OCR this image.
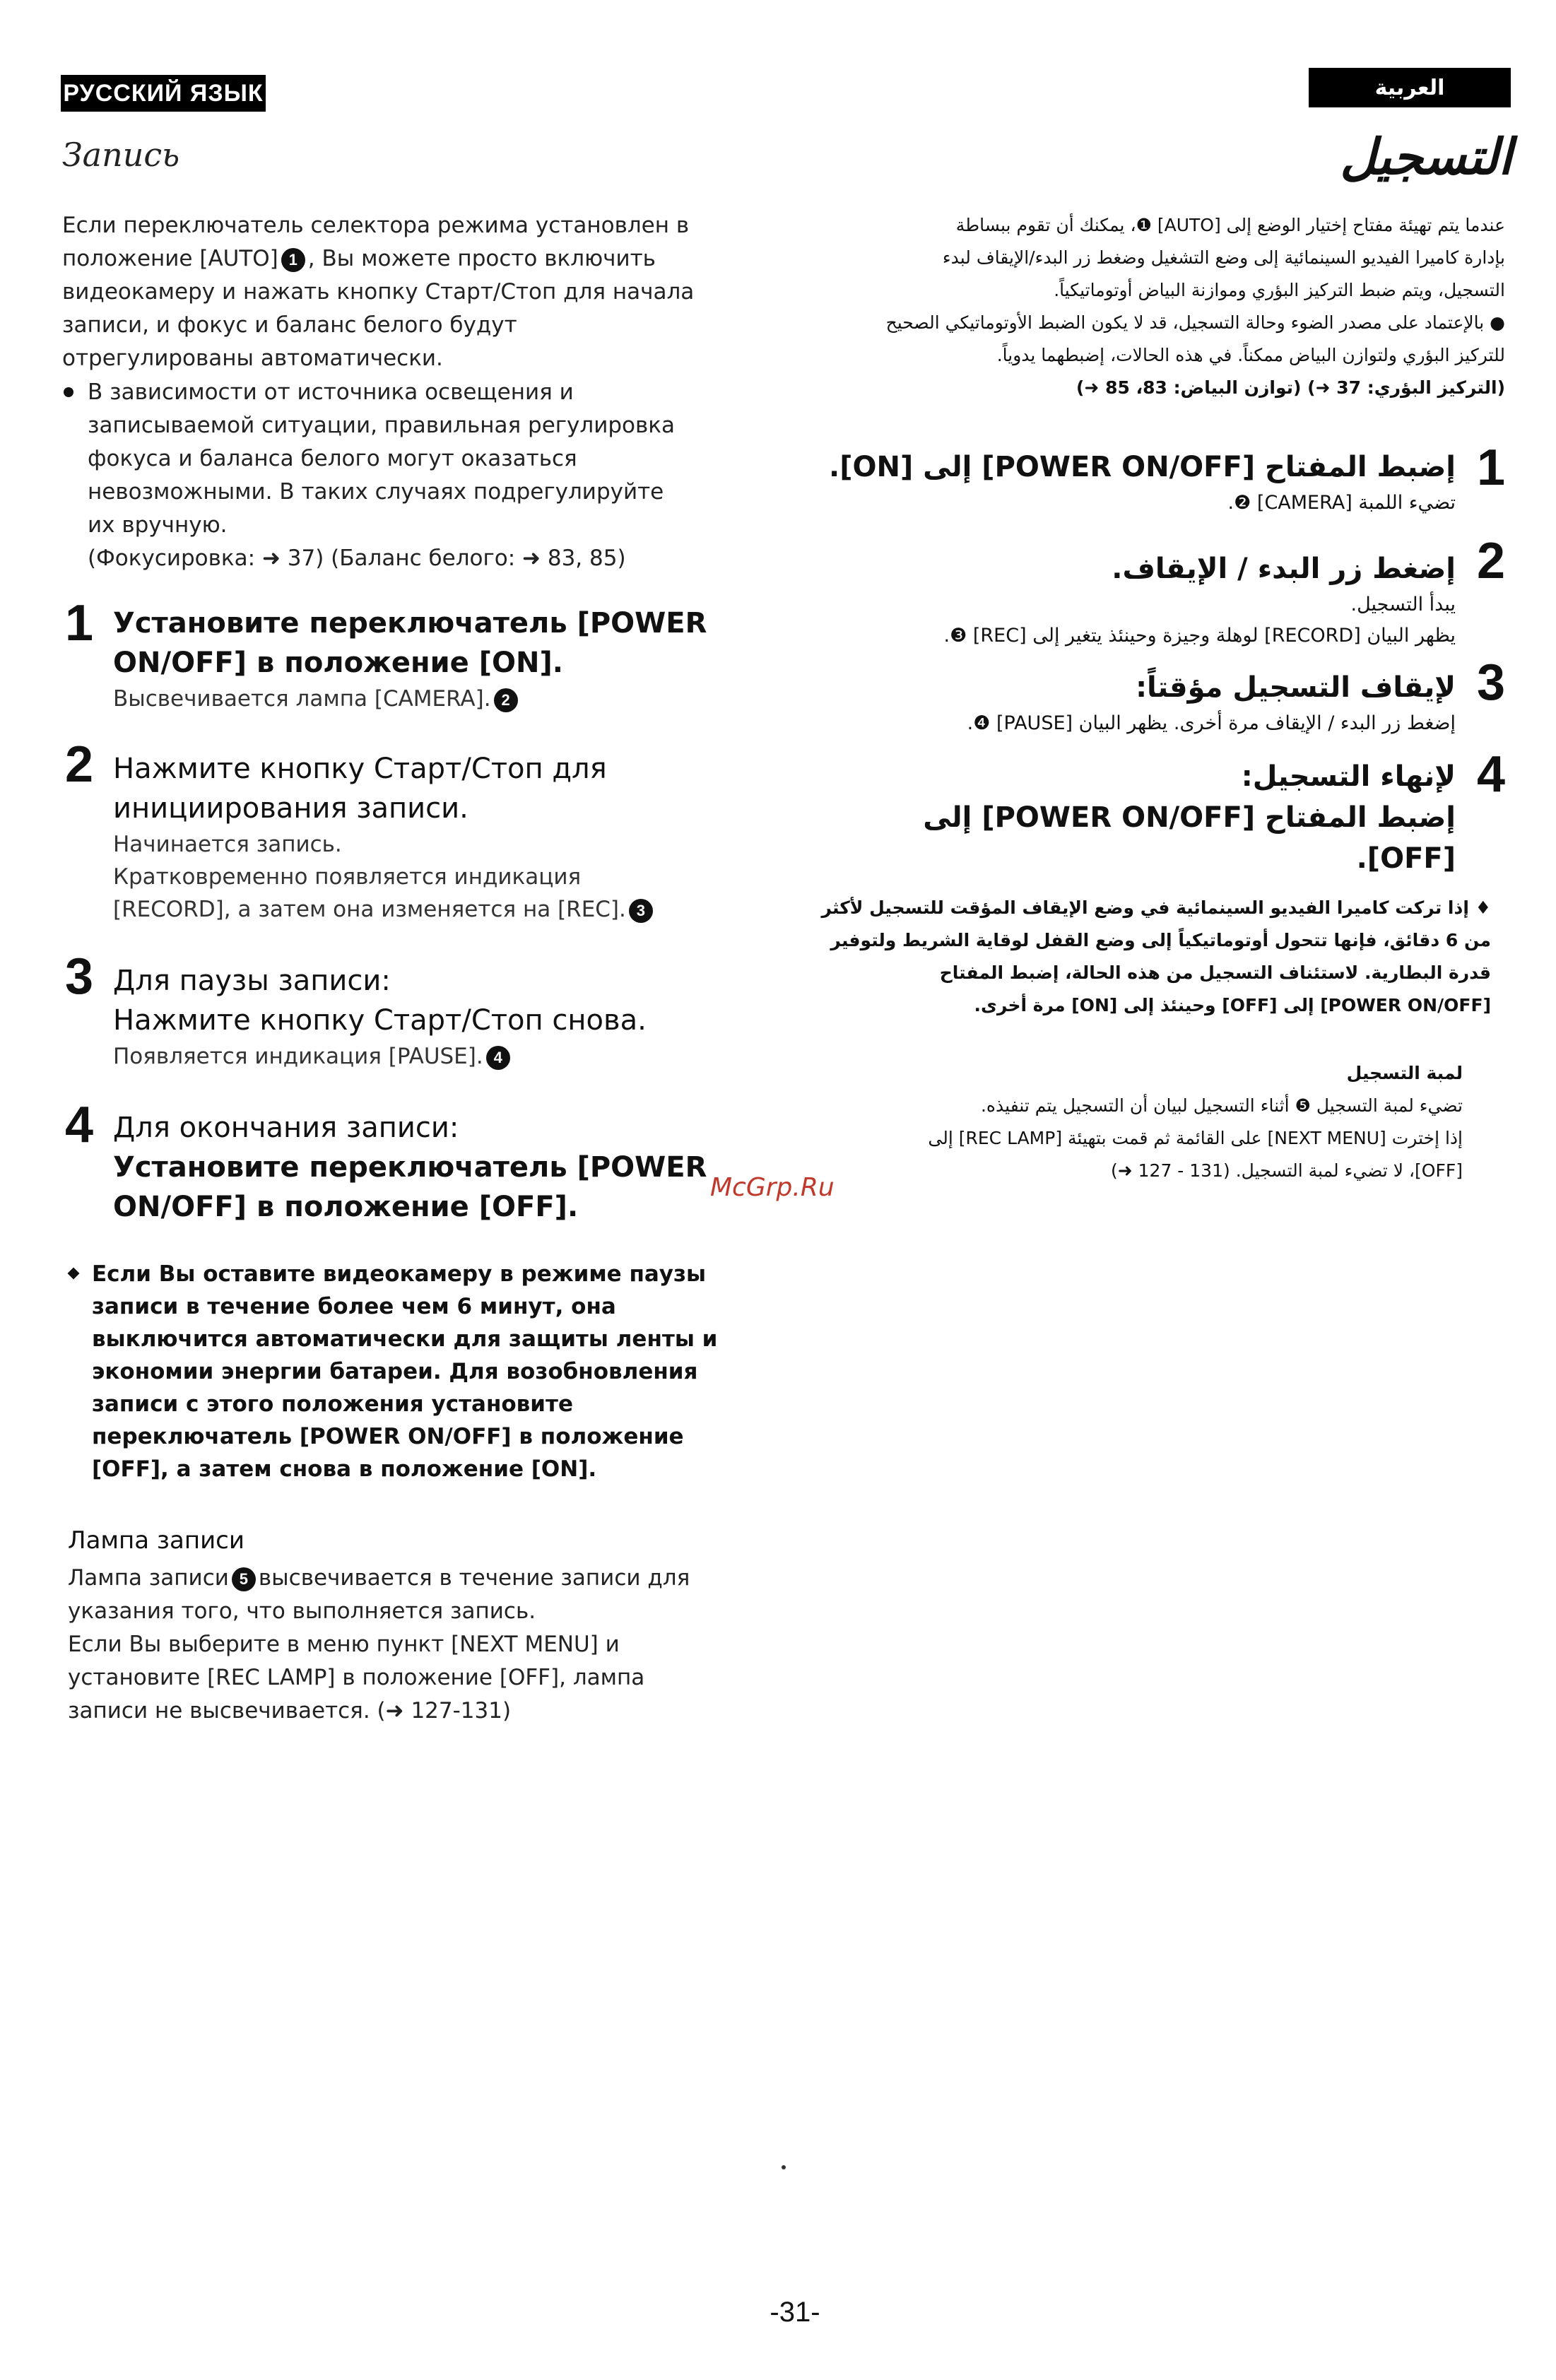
РУССКИЙ ЯЗЫК	العربية
Запись	التسجيل
Если переключатель селектора режима установлен в
положение [AUTO] 1 , Вы можете просто включить
видеокамеру и нажать кнопку Старт/Стоп для начала
записи, и фокус и баланс белого будут
отрегулированы автоматически.
В зависимости от источника освещения и
записываемой ситуации, правильная регулировка
фокуса и баланса белого могут оказаться
невозможными. В таких случаях подрегулируйте
их вручную.
(Фокусировка: ➜ 37) (Баланс белого: ➜ 83, 85)
1 Установите переключатель [POWER
ON/OFF] в положение [ON].
Высвечивается лампа [CAMERA]. 2
2 Нажмите кнопку Старт/Стоп для
инициирования записи.
Начинается запись.
Кратковременно появляется индикация
[RECORD], а затем она изменяется на [REC]. 3
3 Для паузы записи:
Нажмите кнопку Старт/Стоп снова.
Появляется индикация [PAUSE]. 4
4 Для окончания записи:
Установите переключатель [POWER
ON/OFF] в положение [OFF].
Если Вы оставите видеокамеру в режиме паузы
записи в течение более чем 6 минут, она
выключится автоматически для защиты ленты и
экономии энергии батареи. Для возобновления
записи с этого положения установите
переключатель [POWER ON/OFF] в положение
[OFF], а затем снова в положение [ON].
Лампа записи
Лампа записи 5 высвечивается в течение записи для
указания того, что выполняется запись.
Если Вы выберите в меню пункт [NEXT MENU] и
установите [REC LAMP] в положение [OFF], лампа
записи не высвечивается. (➜ 127-131)
عندما يتم تهيئة مفتاح إختيار الوضع إلى [AUTO] ❶، يمكنك أن تقوم ببساطة
بإدارة كاميرا الفيديو السينمائية إلى وضع التشغيل وضغط زر البدء/الإيقاف لبدء
التسجيل، ويتم ضبط التركيز البؤري وموازنة البياض أوتوماتيكياً.
● بالإعتماد على مصدر الضوء وحالة التسجيل، قد لا يكون الضبط الأوتوماتيكي الصحيح
للتركيز البؤري ولتوازن البياض ممكناً. في هذه الحالات، إضبطهما يدوياً.
(التركيز البؤري: 37 ➜) (توازن البياض: 83، 85 ➜)
1
إضبط المفتاح [POWER ON/OFF] إلى [ON].
تضيء اللمبة [CAMERA] ❷.
2
إضغط زر البدء / الإيقاف.
يبدأ التسجيل.
يظهر البيان [RECORD] لوهلة وجيزة وحينئذ يتغير إلى [REC] ❸.
3
لإيقاف التسجيل مؤقتاً:
إضغط زر البدء / الإيقاف مرة أخرى. يظهر البيان [PAUSE] ❹.
4
لإنهاء التسجيل:
إضبط المفتاح [POWER ON/OFF] إلى [OFF].
♦ إذا تركت كاميرا الفيديو السينمائية في وضع الإيقاف المؤقت للتسجيل لأكثر
من 6 دقائق، فإنها تتحول أوتوماتيكياً إلى وضع القفل لوقاية الشريط ولتوفير
قدرة البطارية. لاستئناف التسجيل من هذه الحالة، إضبط المفتاح
[POWER ON/OFF] إلى [OFF] وحينئذ إلى [ON] مرة أخرى.
لمبة التسجيل
تضيء لمبة التسجيل ❺ أثناء التسجيل لبيان أن التسجيل يتم تنفيذه.
إذا إخترت [NEXT MENU] على القائمة ثم قمت بتهيئة [REC LAMP] إلى
[OFF]، لا تضيء لمبة التسجيل. (131 - 127 ➜)
McGrp.Ru
-31-
